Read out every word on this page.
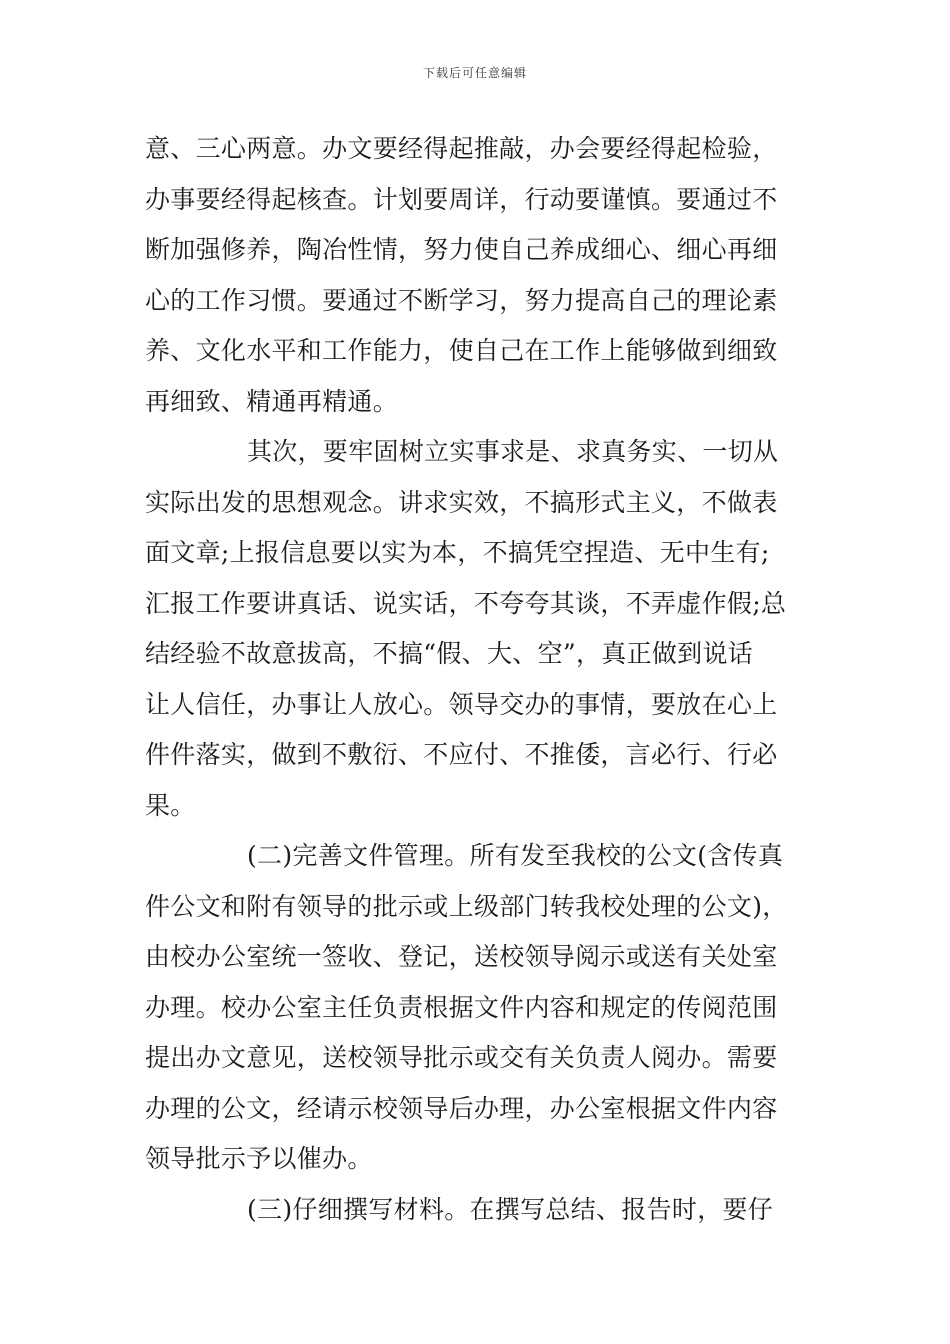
下载后可任意编辑
意、三心两意。办文要经得起推敲，办会要经得起检验，
办事要经得起核查。计划要周详，行动要谨慎。要通过不
断加强修养，陶冶性情，努力使自己养成细心、细心再细
心的工作习惯。要通过不断学习，努力提高自己的理论素
养、文化水平和工作能力，使自己在工作上能够做到细致
再细致、精通再精通。
其次，要牢固树立实事求是、求真务实、一切从
实际出发的思想观念。讲求实效，不搞形式主义，不做表
面文章;上报信息要以实为本，不搞凭空捏造、无中生有;
汇报工作要讲真话、说实话，不夸夸其谈，不弄虚作假;总
结经验不故意拔高，不搞“假、大、空”，真正做到说话
让人信任，办事让人放心。领导交办的事情，要放在心上
件件落实，做到不敷衍、不应付、不推倭，言必行、行必
果。
(二)完善文件管理。所有发至我校的公文(含传真
件公文和附有领导的批示或上级部门转我校处理的公文)，
由校办公室统一签收、登记，送校领导阅示或送有关处室
办理。校办公室主任负责根据文件内容和规定的传阅范围
提出办文意见，送校领导批示或交有关负责人阅办。需要
办理的公文，经请示校领导后办理，办公室根据文件内容
领导批示予以催办。
(三)仔细撰写材料。在撰写总结、报告时，要仔
